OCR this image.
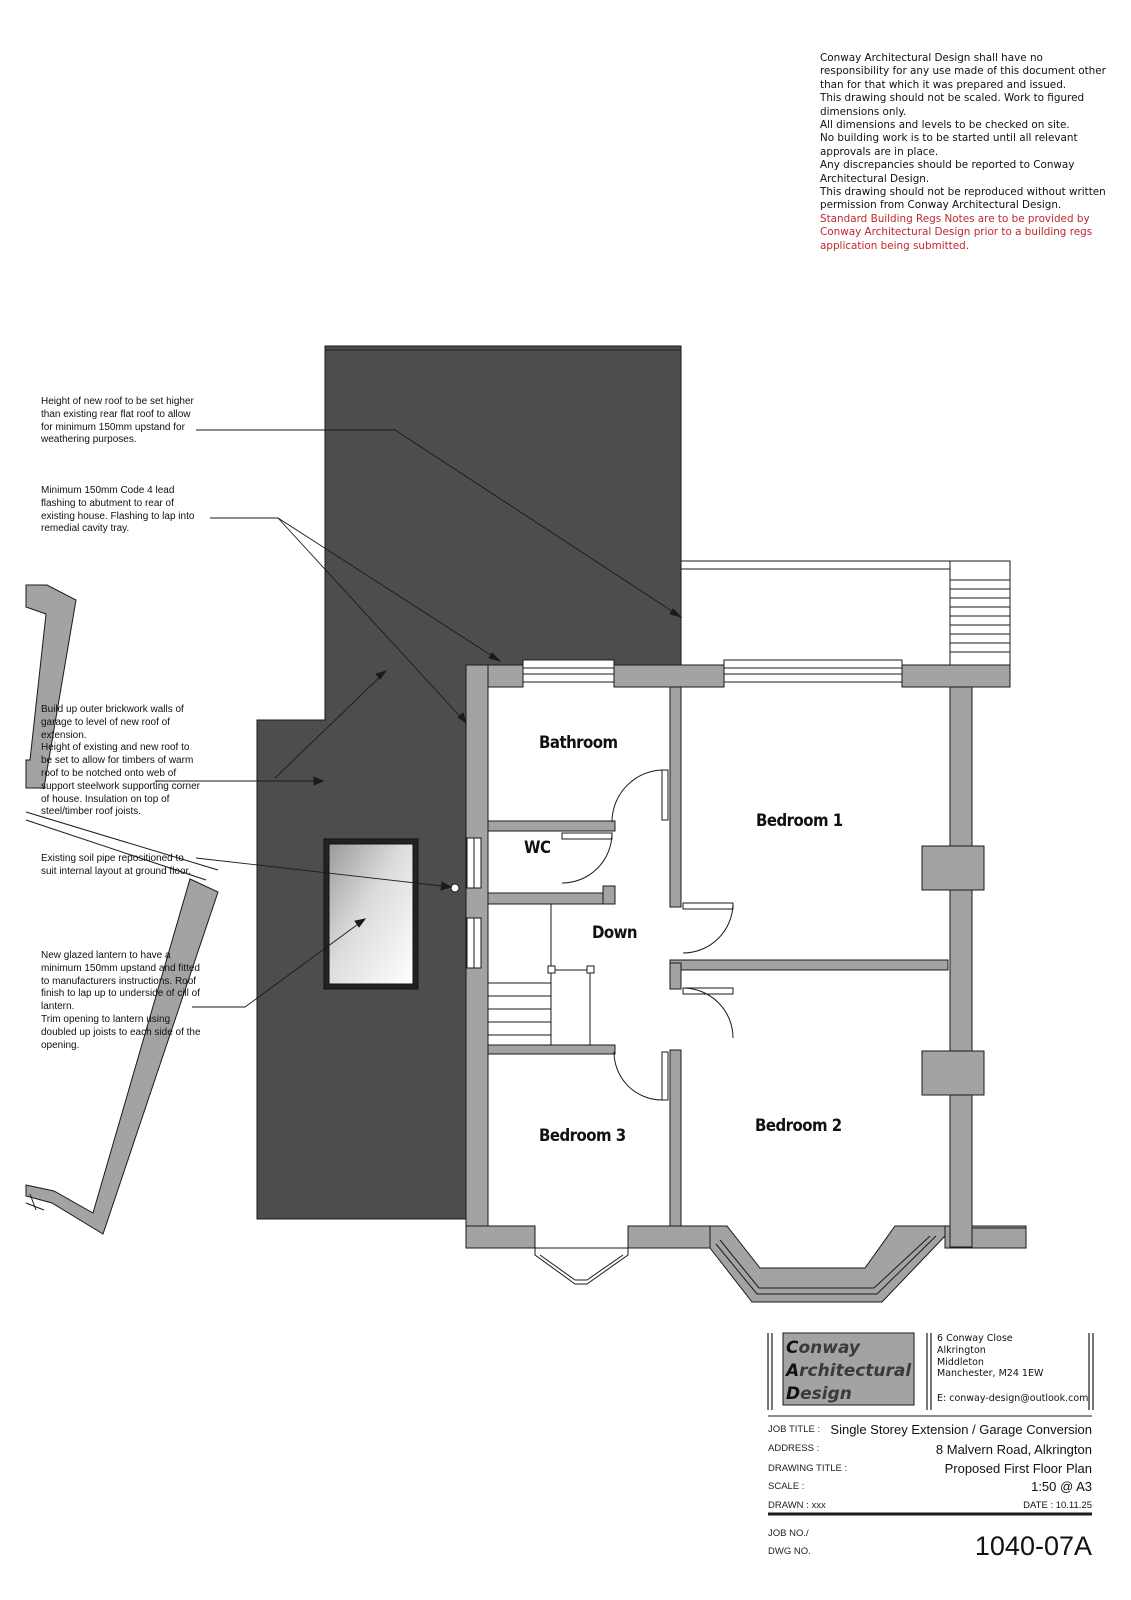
Conway Architectural Design shall have no
responsibility for any use made of this document other
than for that which it was prepared and issued.
This drawing should not be scaled. Work to figured
dimensions only.
All dimensions and levels to be checked on site.
No building work is to be started until all relevant
approvals are in place.
Any discrepancies should be reported to Conway
Architectural Design.
This drawing should not be reproduced without written
permission from Conway Architectural Design.
Standard Building Regs Notes are to be provided by
Conway Architectural Design prior to a building regs
application being submitted.
Height of new roof to be set higher
than existing rear flat roof to allow
for minimum 150mm upstand for
weathering purposes.
Minimum 150mm Code 4 lead
flashing to abutment to rear of
existing house. Flashing to lap into
remedial cavity tray.
Build up outer brickwork walls of
garage to level of new roof of
extension.
Height of existing and new roof to
be set to allow for timbers of warm
roof to be notched onto web of
support steelwork supporting corner
of house. Insulation on top of
steel/timber roof joists.
Existing soil pipe repositioned to
suit internal layout at ground floor.
New glazed lantern to have a
minimum 150mm upstand and fitted
to manufacturers instructions. Roof
finish to lap up to underside of cill of
lantern.
Trim opening to lantern using
doubled up joists to each side of the
opening.
Bathroom
WC
Down
Bedroom 1
Bedroom 2
Bedroom 3
Conway
Architectural
Design
6 Conway Close
Alkrington
Middleton
Manchester, M24 1EW
E: conway-design@outlook.com
JOB TITLE : Single Storey Extension / Garage Conversion
ADDRESS :	8 Malvern Road, Alkrington
DRAWING TITLE :	Proposed First Floor Plan
SCALE :	1:50 @ A3
DRAWN : xxx	DATE : 10.11.25
JOB NO./
DWG NO.	1040-07A
